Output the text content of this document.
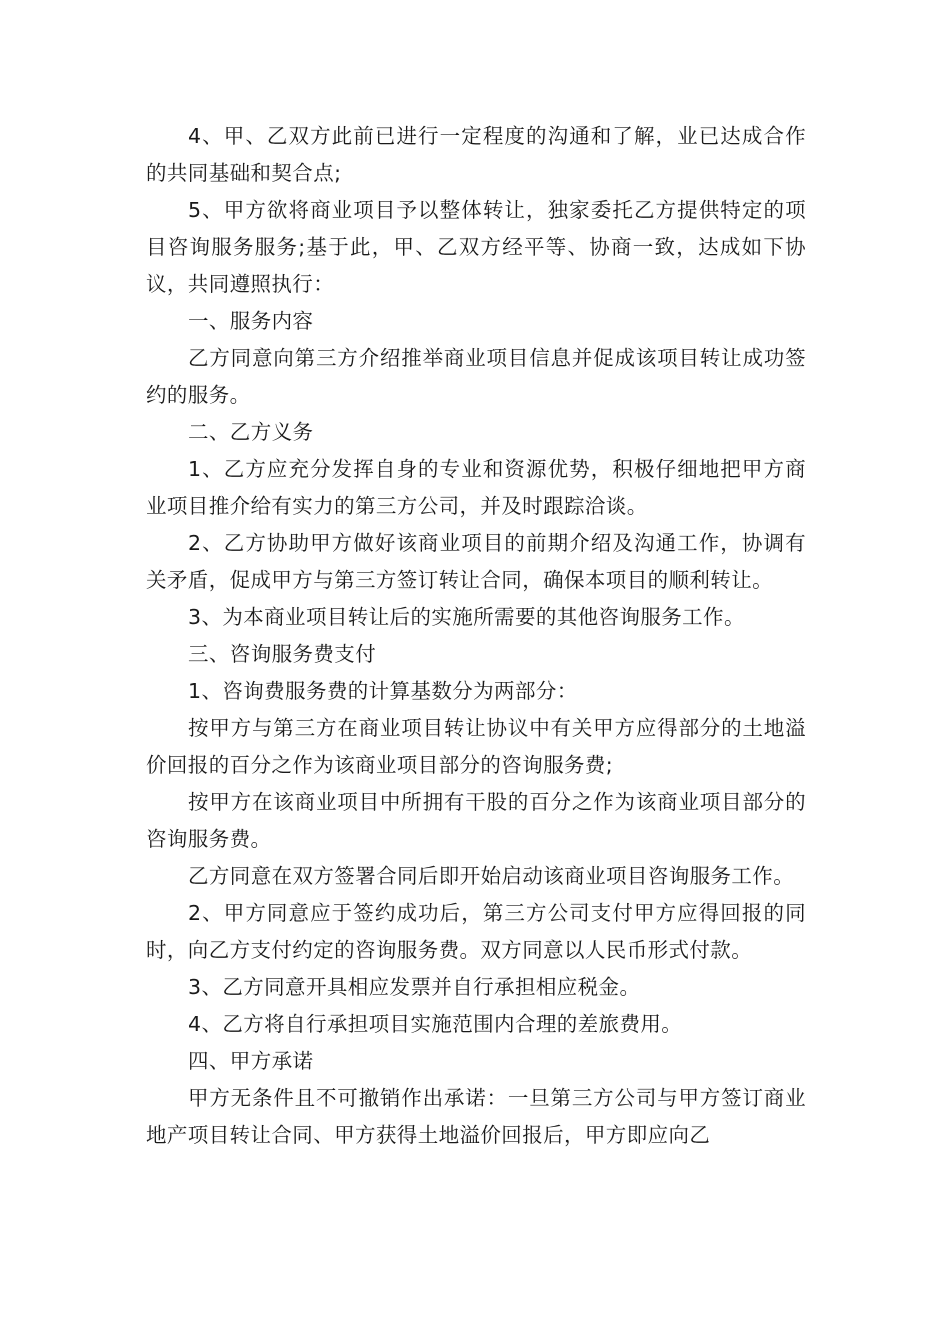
4、甲、乙双方此前已进行一定程度的沟通和了解，业已达成合作的共同基础和契合点;

5、甲方欲将商业项目予以整体转让，独家委托乙方提供特定的项目咨询服务服务;基于此，甲、乙双方经平等、协商一致，达成如下协议，共同遵照执行：

一、服务内容

乙方同意向第三方介绍推举商业项目信息并促成该项目转让成功签约的服务。

二、乙方义务

1、乙方应充分发挥自身的专业和资源优势，积极仔细地把甲方商业项目推介给有实力的第三方公司，并及时跟踪洽谈。

2、乙方协助甲方做好该商业项目的前期介绍及沟通工作，协调有关矛盾，促成甲方与第三方签订转让合同，确保本项目的顺利转让。

3、为本商业项目转让后的实施所需要的其他咨询服务工作。

三、咨询服务费支付

1、咨询费服务费的计算基数分为两部分：

按甲方与第三方在商业项目转让协议中有关甲方应得部分的土地溢价回报的百分之作为该商业项目部分的咨询服务费;

按甲方在该商业项目中所拥有干股的百分之作为该商业项目部分的咨询服务费。

乙方同意在双方签署合同后即开始启动该商业项目咨询服务工作。

2、甲方同意应于签约成功后，第三方公司支付甲方应得回报的同时，向乙方支付约定的咨询服务费。双方同意以人民币形式付款。

3、乙方同意开具相应发票并自行承担相应税金。

4、乙方将自行承担项目实施范围内合理的差旅费用。

四、甲方承诺

甲方无条件且不可撤销作出承诺：一旦第三方公司与甲方签订商业地产项目转让合同、甲方获得土地溢价回报后，甲方即应向乙
